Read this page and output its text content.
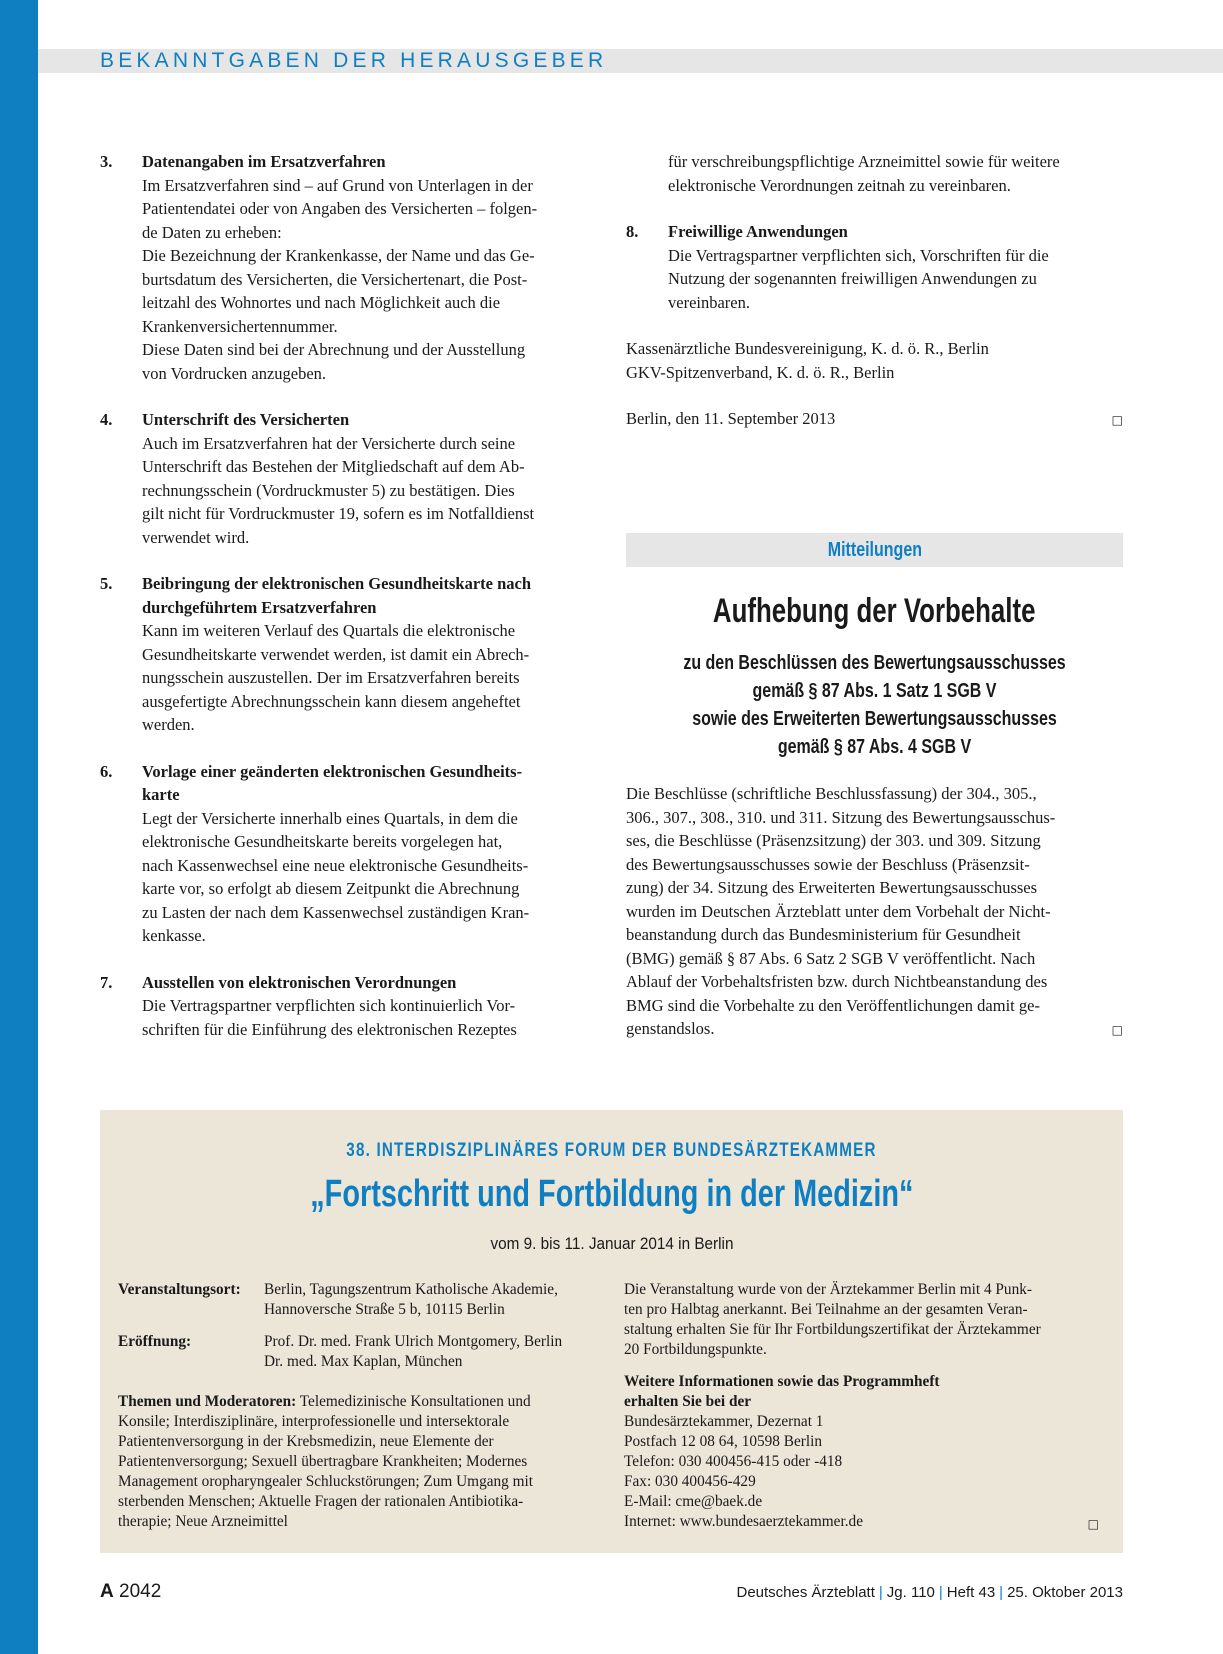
BEKANNTGABEN DER HERAUSGEBER
3. Datenangaben im Ersatzverfahren
Im Ersatzverfahren sind – auf Grund von Unterlagen in der
Patientendatei oder von Angaben des Versicherten – folgen-
de Daten zu erheben:
Die Bezeichnung der Krankenkasse, der Name und das Ge-
burtsdatum des Versicherten, die Versichertenart, die Post-
leitzahl des Wohnortes und nach Möglichkeit auch die
Krankenversichertennummer.
Diese Daten sind bei der Abrechnung und der Ausstellung
von Vordrucken anzugeben.
4. Unterschrift des Versicherten
Auch im Ersatzverfahren hat der Versicherte durch seine
Unterschrift das Bestehen der Mitgliedschaft auf dem Ab-
rechnungsschein (Vordruckmuster 5) zu bestätigen. Dies
gilt nicht für Vordruckmuster 19, sofern es im Notfalldienst
verwendet wird.
5. Beibringung der elektronischen Gesundheitskarte nach
durchgeführtem Ersatzverfahren
Kann im weiteren Verlauf des Quartals die elektronische
Gesundheitskarte verwendet werden, ist damit ein Abrech-
nungsschein auszustellen. Der im Ersatzverfahren bereits
ausgefertigte Abrechnungsschein kann diesem angeheftet
werden.
6. Vorlage einer geänderten elektronischen Gesundheits-
karte
Legt der Versicherte innerhalb eines Quartals, in dem die
elektronische Gesundheitskarte bereits vorgelegen hat,
nach Kassenwechsel eine neue elektronische Gesundheits-
karte vor, so erfolgt ab diesem Zeitpunkt die Abrechnung
zu Lasten der nach dem Kassenwechsel zuständigen Kran-
kenkasse.
7. Ausstellen von elektronischen Verordnungen
Die Vertragspartner verpflichten sich kontinuierlich Vor-
schriften für die Einführung des elektronischen Rezeptes
für verschreibungspflichtige Arzneimittel sowie für weitere
elektronische Verordnungen zeitnah zu vereinbaren.
8. Freiwillige Anwendungen
Die Vertragspartner verpflichten sich, Vorschriften für die
Nutzung der sogenannten freiwilligen Anwendungen zu
vereinbaren.
Kassenärztliche Bundesvereinigung, K. d. ö. R., Berlin
GKV-Spitzenverband, K. d. ö. R., Berlin
Berlin, den 11. September 2013	□
Mitteilungen
Aufhebung der Vorbehalte
zu den Beschlüssen des Bewertungsausschusses
gemäß § 87 Abs. 1 Satz 1 SGB V
sowie des Erweiterten Bewertungsausschusses
gemäß § 87 Abs. 4 SGB V
Die Beschlüsse (schriftliche Beschlussfassung) der 304., 305.,
306., 307., 308., 310. und 311. Sitzung des Bewertungsausschus-
ses, die Beschlüsse (Präsenzsitzung) der 303. und 309. Sitzung
des Bewertungsausschusses sowie der Beschluss (Präsenzsit-
zung) der 34. Sitzung des Erweiterten Bewertungsausschusses
wurden im Deutschen Ärzteblatt unter dem Vorbehalt der Nicht-
beanstandung durch das Bundesministerium für Gesundheit
(BMG) gemäß § 87 Abs. 6 Satz 2 SGB V veröffentlicht. Nach
Ablauf der Vorbehaltsfristen bzw. durch Nichtbeanstandung des
BMG sind die Vorbehalte zu den Veröffentlichungen damit ge-
genstandslos.	□
38. INTERDISZIPLINÄRES FORUM DER BUNDESÄRZTEKAMMER
„Fortschritt und Fortbildung in der Medizin“
vom 9. bis 11. Januar 2014 in Berlin
Veranstaltungsort: Berlin, Tagungszentrum Katholische Akademie,
Hannoversche Straße 5 b, 10115 Berlin
Eröffnung:	Prof. Dr. med. Frank Ulrich Montgomery, Berlin
Dr. med. Max Kaplan, München
Themen und Moderatoren: Telemedizinische Konsultationen und
Konsile; Interdisziplinäre, interprofessionelle und intersektorale
Patientenversorgung in der Krebsmedizin, neue Elemente der
Patientenversorgung; Sexuell übertragbare Krankheiten; Modernes
Management oropharyngealer Schluckstörungen; Zum Umgang mit
sterbenden Menschen; Aktuelle Fragen der rationalen Antibiotika-
therapie; Neue Arzneimittel
Die Veranstaltung wurde von der Ärztekammer Berlin mit 4 Punk-
ten pro Halbtag anerkannt. Bei Teilnahme an der gesamten Veran-
staltung erhalten Sie für Ihr Fortbildungszertifikat der Ärztekammer
20 Fortbildungspunkte.
Weitere Informationen sowie das Programmheft
erhalten Sie bei der
Bundesärztekammer, Dezernat 1
Postfach 12 08 64, 10598 Berlin
Telefon: 030 400456-415 oder -418
Fax: 030 400456-429
E-Mail: cme@baek.de
Internet: www.bundesaerztekammer.de	□
A 2042	Deutsches Ärzteblatt | Jg. 110 | Heft 43 | 25. Oktober 2013
